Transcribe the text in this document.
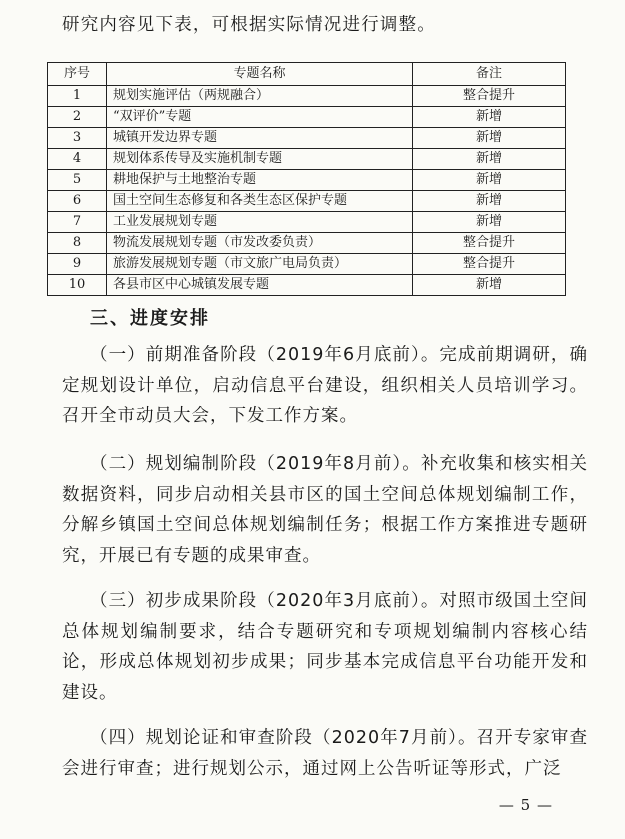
研究内容见下表，可根据实际情况进行调整。
序号	专题名称	备注
1	规划实施评估（两规融合）	整合提升
2	“双评价”专题	新增
3	城镇开发边界专题	新增
4	规划体系传导及实施机制专题	新增
5	耕地保护与土地整治专题	新增
6	国土空间生态修复和各类生态区保护专题	新增
7	工业发展规划专题	新增
8	物流发展规划专题（市发改委负责）	整合提升
9	旅游发展规划专题（市文旅广电局负责）	整合提升
10	各县市区中心城镇发展专题	新增
三、进度安排

（一）前期准备阶段（2019年6月底前）。完成前期调研，确定规划设计单位，启动信息平台建设，组织相关人员培训学习。召开全市动员大会，下发工作方案。

（二）规划编制阶段（2019年8月前）。补充收集和核实相关数据资料，同步启动相关县市区的国土空间总体规划编制工作，分解乡镇国土空间总体规划编制任务；根据工作方案推进专题研究，开展已有专题的成果审查。

（三）初步成果阶段（2020年3月底前）。对照市级国土空间总体规划编制要求，结合专题研究和专项规划编制内容核心结论，形成总体规划初步成果；同步基本完成信息平台功能开发和建设。

（四）规划论证和审查阶段（2020年7月前）。召开专家审查会进行审查；进行规划公示，通过网上公告听证等形式，广泛

— 5 —
